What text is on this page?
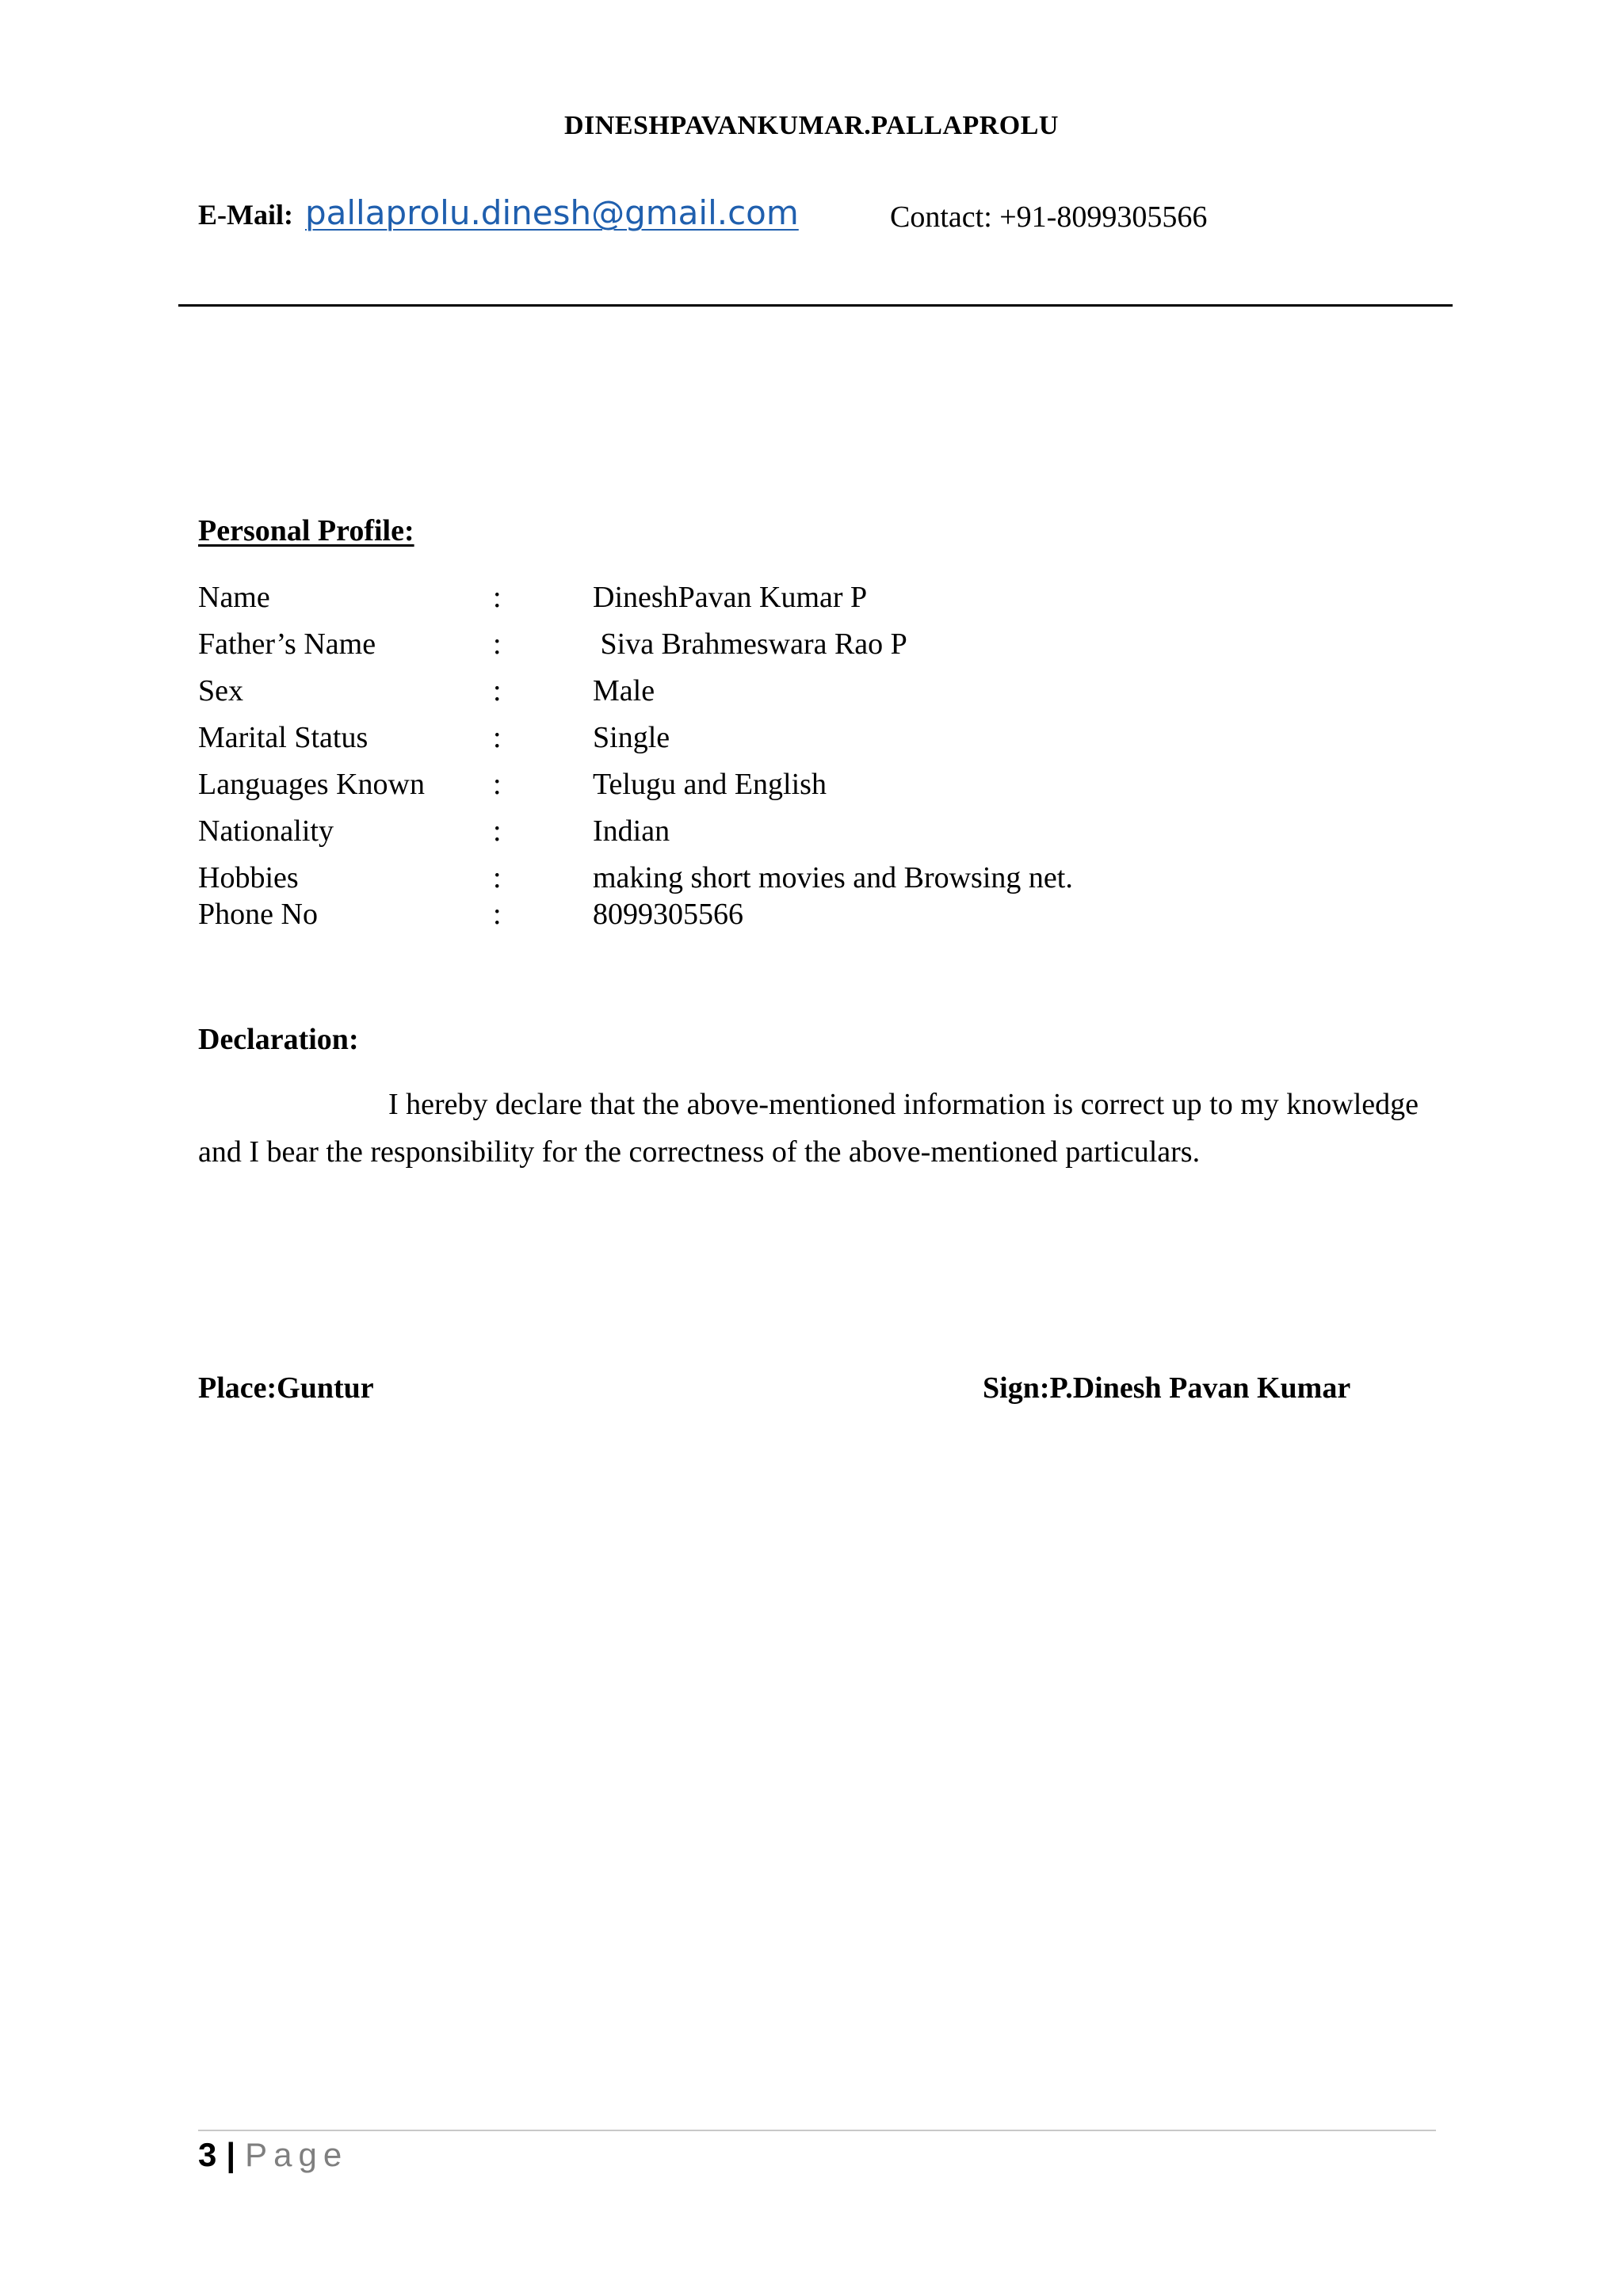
DINESHPAVANKUMAR.PALLAPROLU
E-Mail: pallaprolu.dinesh@gmail.com	Contact: +91-8099305566
Personal Profile:
Name	:	DineshPavan Kumar P
Father’s Name	:	Siva Brahmeswara Rao P
Sex	:	Male
Marital Status	:	Single
Languages Known :	Telugu and English
Nationality	:	Indian
Hobbies	:	making short movies and Browsing net.
Phone No	:	8099305566
Declaration:
I hereby declare that the above-mentioned information is correct up to my knowledge and I bear the responsibility for the correctness of the above-mentioned particulars.
Place:Guntur	Sign:P.Dinesh Pavan Kumar
3 | Page
